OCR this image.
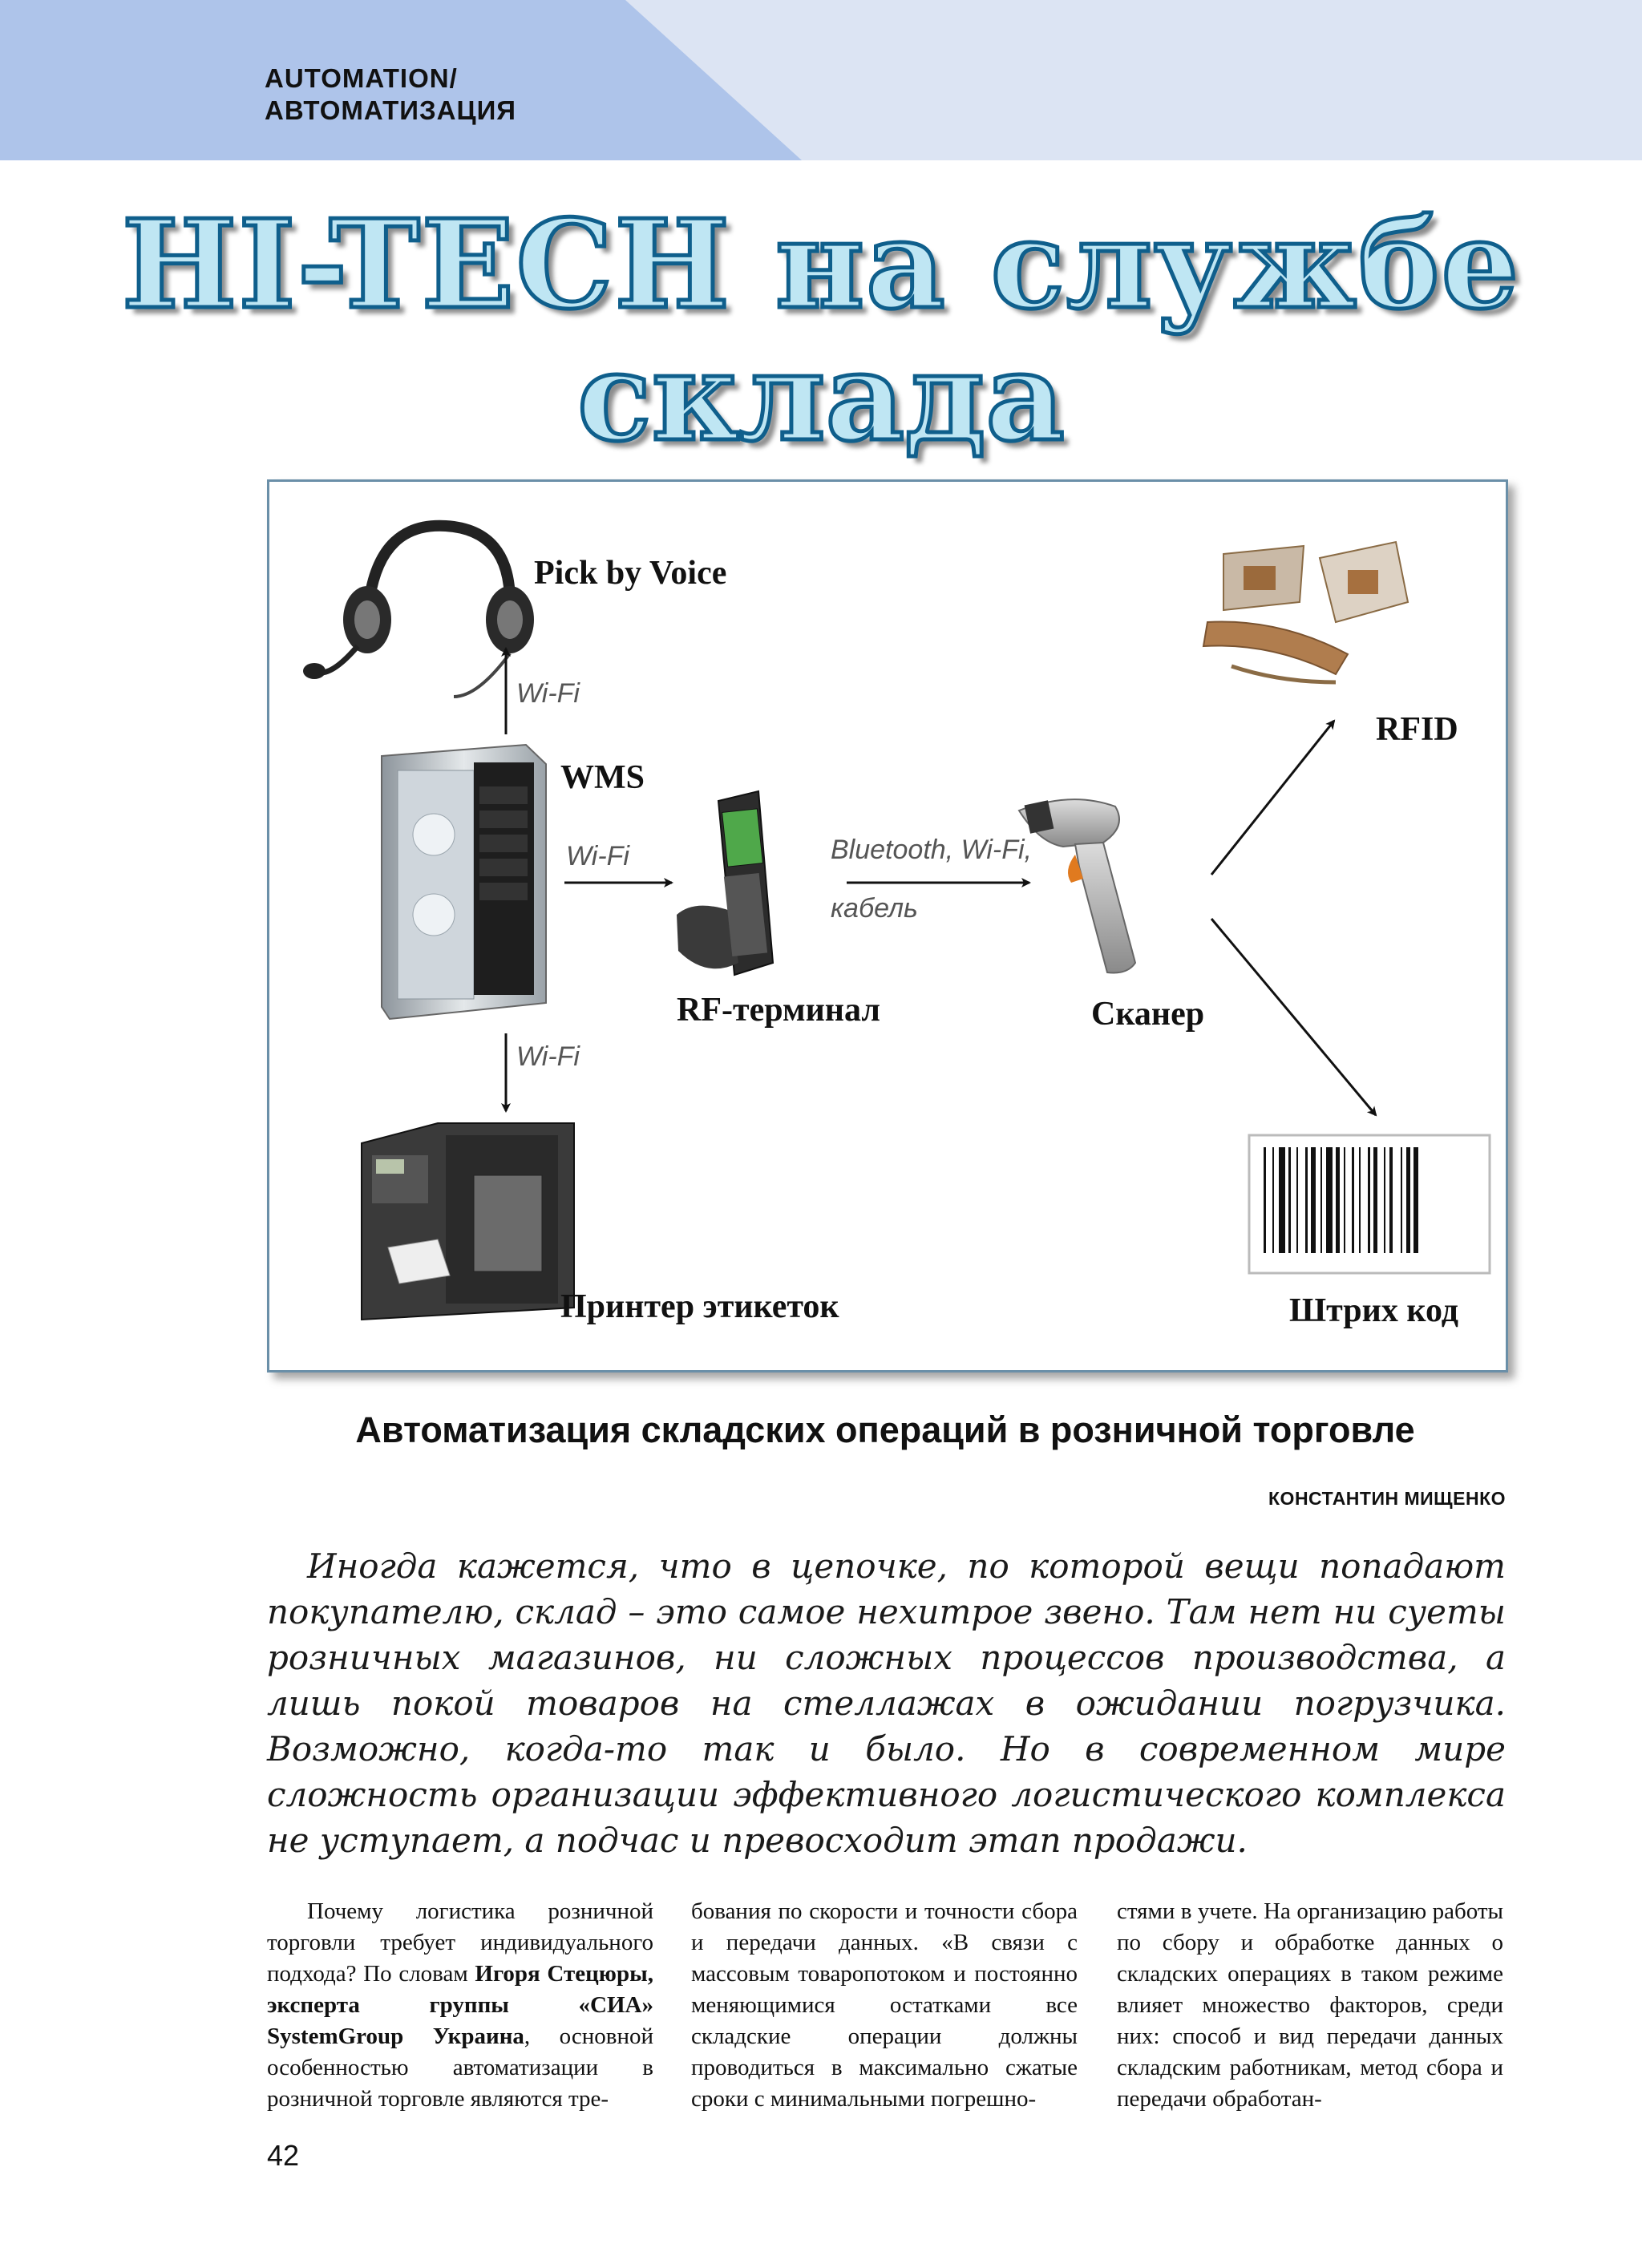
AUTOMATION/
АВТОМАТИЗАЦИЯ
HI-TECH на службе
склада
Pick by Voice
WMS
RF-терминал	Сканер
RFID
Принтер этикеток	Штрих код
Wi-Fi
Wi-Fi	Bluetooth, Wi-Fi,
кабель
Wi-Fi
Автоматизация складских операций в розничной торговле
КОНСТАНТИН МИЩЕНКО

Иногда кажется, что в цепочке, по которой вещи попадают покупателю, склад – это самое нехитрое звено. Там нет ни суеты розничных магазинов, ни сложных процессов производства, а лишь покой товаров на стеллажах в ожидании погрузчика. Возможно, когда-то так и было. Но в современном мире сложность организации эффективного логистического комплекса не уступает, а подчас и превосходит этап продажи.

Почему логистика розничной торговли требует индивидуального подхода? По словам Игоря Стецюры, эксперта группы «СИА» SystemGroup Украина, основной особенностью автоматизации в розничной торговле являются тре-

бования по скорости и точности сбора и передачи данных. «В связи с массовым товаропотоком и постоянно меняющимися остатками все складские операции должны проводиться в максимально сжатые сроки с минимальными погрешно-

стями в учете. На организацию работы по сбору и обработке данных о складских операциях в таком режиме влияет множество факторов, среди них: способ и вид передачи данных складским работникам, метод сбора и передачи обработан-

42
